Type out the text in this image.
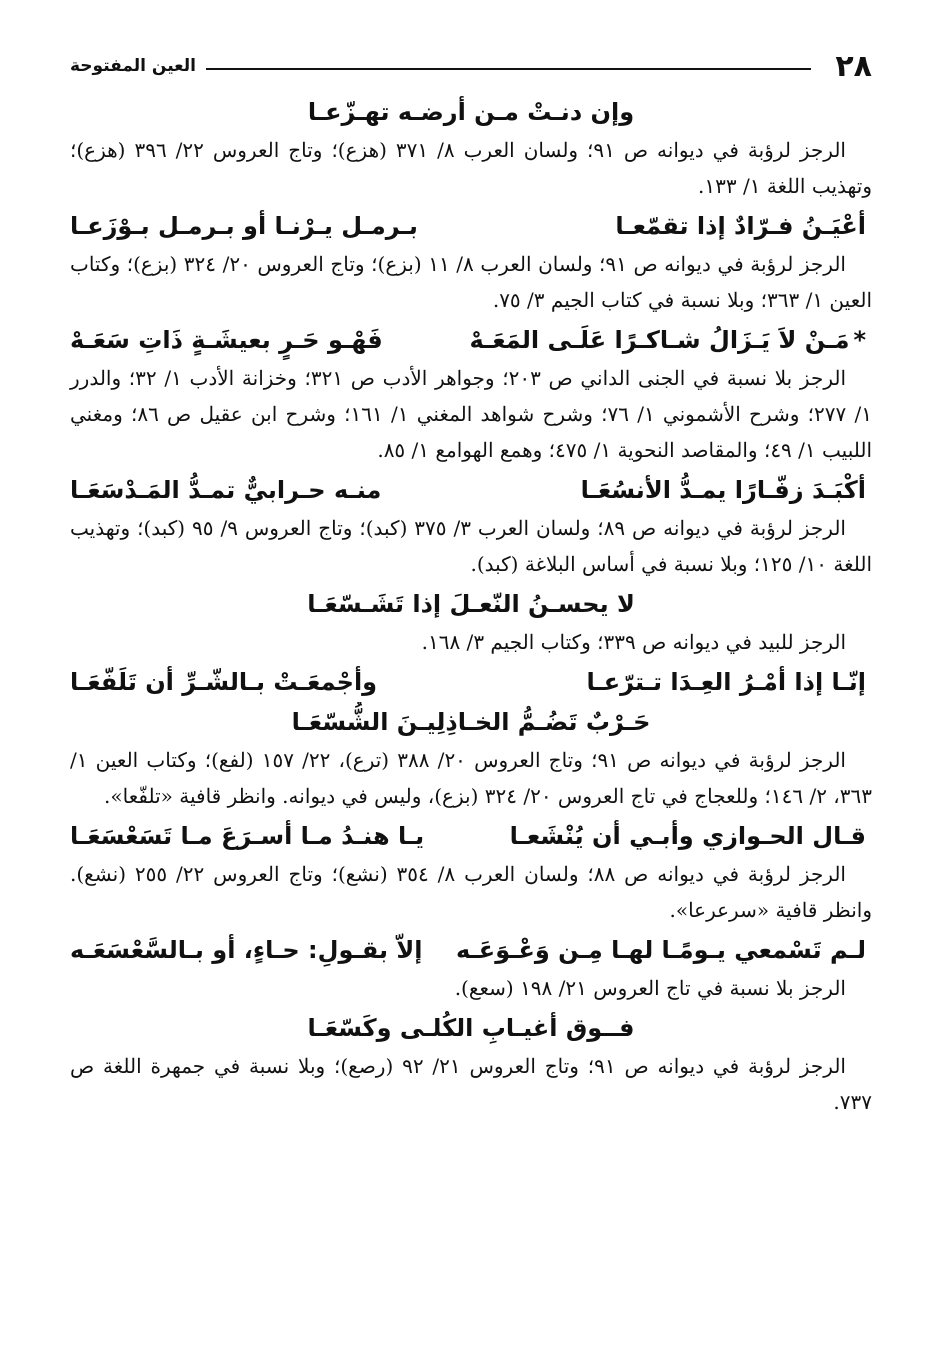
٢٨
العين المفتوحة
وإن دنـتْ مـن أرضـه تهـزّعـا

الرجز لرؤبة في ديوانه ص ٩١؛ ولسان العرب ٨/ ٣٧١ (هزع)؛ وتاج العروس ٢٢/ ٣٩٦ (هزع)؛ وتهذيب اللغة ١/ ١٣٣.

أعْيَـنُ فـرّادٌ إذا تقمّعـا
بـرمـل يـرْنـا أو بـرمـل بـوْزَعـا

الرجز لرؤبة في ديوانه ص ٩١؛ ولسان العرب ٨/ ١١ (بزع)؛ وتاج العروس ٢٠/ ٣٢٤ (بزع)؛ وكتاب العين ١/ ٣٦٣؛ وبلا نسبة في كتاب الجيم ٣/ ٧٥.

*مَـنْ لاَ يَـزَالُ شـاكـرًا عَلَـى المَعَـهْ
فَهْـو حَـرٍ بعيشَـةٍ ذَاتِ سَعَـهْ

الرجز بلا نسبة في الجنى الداني ص ٢٠٣؛ وجواهر الأدب ص ٣٢١؛ وخزانة الأدب ١/ ٣٢؛ والدرر ١/ ٢٧٧؛ وشرح الأشموني ١/ ٧٦؛ وشرح شواهد المغني ١/ ١٦١؛ وشرح ابن عقيل ص ٨٦؛ ومغني اللبيب ١/ ٤٩؛ والمقاصد النحوية ١/ ٤٧٥؛ وهمع الهوامع ١/ ٨٥.

أكْبَـدَ زفّـارًا يمـدُّ الأنسُعَـا
منـه حـرابيٌّ تمـدُّ المَـدْسَعَـا

الرجز لرؤبة في ديوانه ص ٨٩؛ ولسان العرب ٣/ ٣٧٥ (كبد)؛ وتاج العروس ٩/ ٩٥ (كبد)؛ وتهذيب اللغة ١٠/ ١٢٥؛ وبلا نسبة في أساس البلاغة (كبد).

لا يحسـنُ النّعـلَ إذا تَشَـسّعَـا

الرجز للبيد في ديوانه ص ٣٣٩؛ وكتاب الجيم ٣/ ١٦٨.

إنّـا إذا أمْـرُ العِـدَا تـترّعـا
وأجْمعَـتْ بـالشّـرِّ أن تَلَفّعَـا
حَـرْبٌ تَضُـمُّ الخـاذِلِيـنَ الشُّسّعَـا

الرجز لرؤبة في ديوانه ص ٩١؛ وتاج العروس ٢٠/ ٣٨٨ (ترع)، ٢٢/ ١٥٧ (لفع)؛ وكتاب العين ١/ ٣٦٣، ٢/ ١٤٦؛ وللعجاج في تاج العروس ٢٠/ ٣٢٤ (بزع)، وليس في ديوانه. وانظر قافية «تلفّعا».

قـال الحـوازي وأبـي أن يُنْشَعـا
يـا هنـدُ مـا أسـرَعَ مـا تَسَعْسَعَـا

الرجز لرؤبة في ديوانه ص ٨٨؛ ولسان العرب ٨/ ٣٥٤ (نشع)؛ وتاج العروس ٢٢/ ٢٥٥ (نشع). وانظر قافية «سرعرعا».

لـم تَسْمعي يـومًـا لهـا مِـن وَعْـوَعَـه
إلاّ بقـولِ: حـاءٍ، أو بـالسَّعْسَعَـه

الرجز بلا نسبة في تاج العروس ٢١/ ١٩٨ (سعع).

فــوق أغيـابِ الكُلـى وكَسّعَـا

الرجز لرؤبة في ديوانه ص ٩١؛ وتاج العروس ٢١/ ٩٢ (رصع)؛ وبلا نسبة في جمهرة اللغة ص ٧٣٧.
